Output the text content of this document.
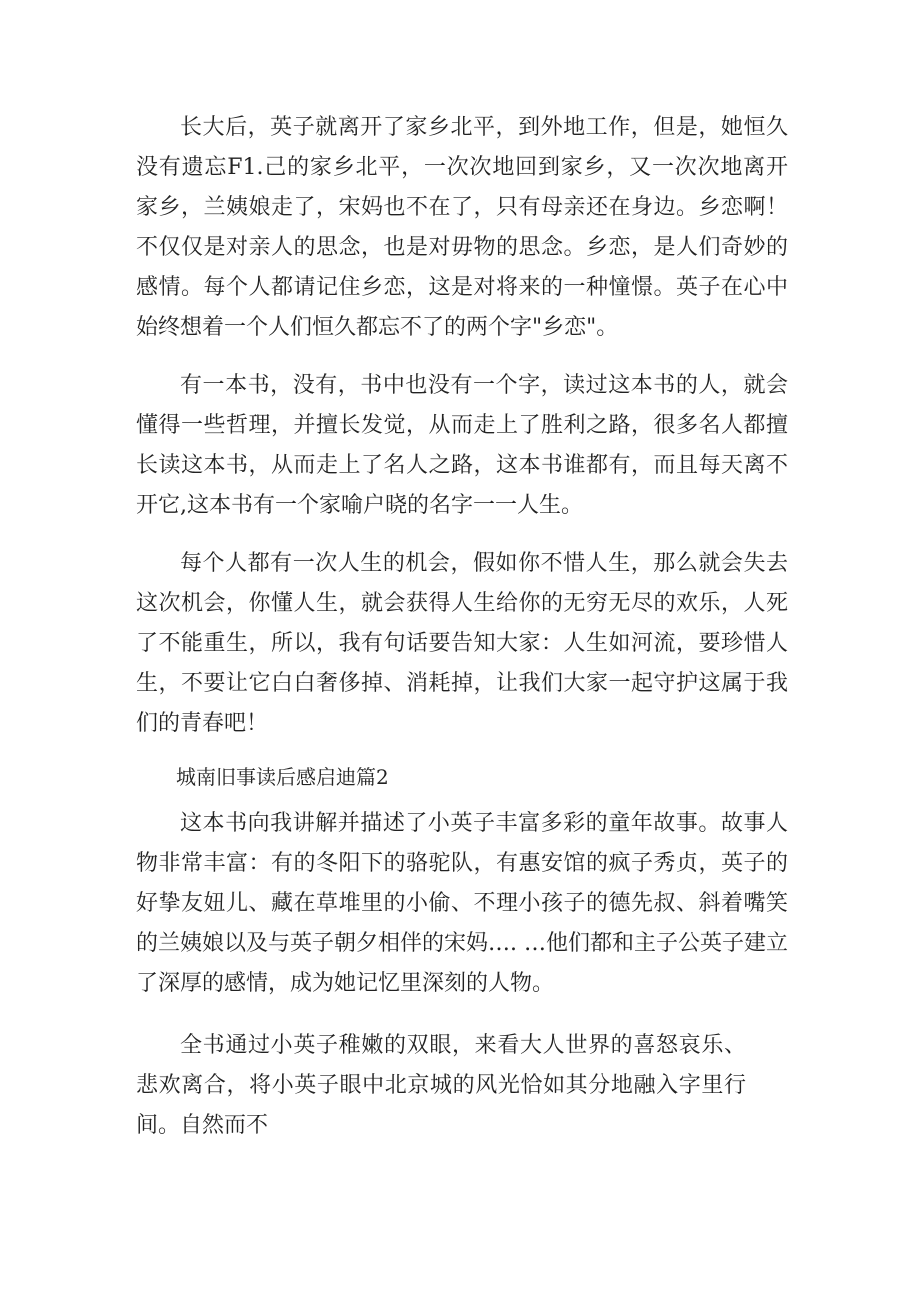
长大后，英子就离开了家乡北平，到外地工作，但是，她恒久没有遗忘F1.己的家乡北平，一次次地回到家乡，又一次次地离开家乡，兰姨娘走了，宋妈也不在了，只有母亲还在身边。乡恋啊！不仅仅是对亲人的思念，也是对毋物的思念。乡恋，是人们奇妙的感情。每个人都请记住乡恋，这是对将来的一种憧憬。英子在心中始终想着一个人们恒久都忘不了的两个字"乡恋"。

有一本书，没有，书中也没有一个字，读过这本书的人，就会懂得一些哲理，并擅长发觉，从而走上了胜利之路，很多名人都擅长读这本书，从而走上了名人之路，这本书谁都有，而且每天离不开它,这本书有一个家喻户晓的名字一一人生。

每个人都有一次人生的机会，假如你不惜人生，那么就会失去这次机会，你懂人生，就会获得人生给你的无穷无尽的欢乐，人死了不能重生，所以，我有句话要告知大家：人生如河流，要珍惜人生，不要让它白白奢侈掉、消耗掉，让我们大家一起守护这属于我们的青春吧！

城南旧事读后感启迪篇2

这本书向我讲解并描述了小英子丰富多彩的童年故事。故事人物非常丰富：有的冬阳下的骆驼队，有惠安馆的疯子秀贞，英子的好挚友妞儿、藏在草堆里的小偷、不理小孩子的德先叔、斜着嘴笑的兰姨娘以及与英子朝夕相伴的宋妈…. …他们都和主子公英子建立了深厚的感情，成为她记忆里深刻的人物。

全书通过小英子稚嫩的双眼，来看大人世界的喜怒哀乐、悲欢离合，将小英子眼中北京城的风光恰如其分地融入字里行间。自然而不
